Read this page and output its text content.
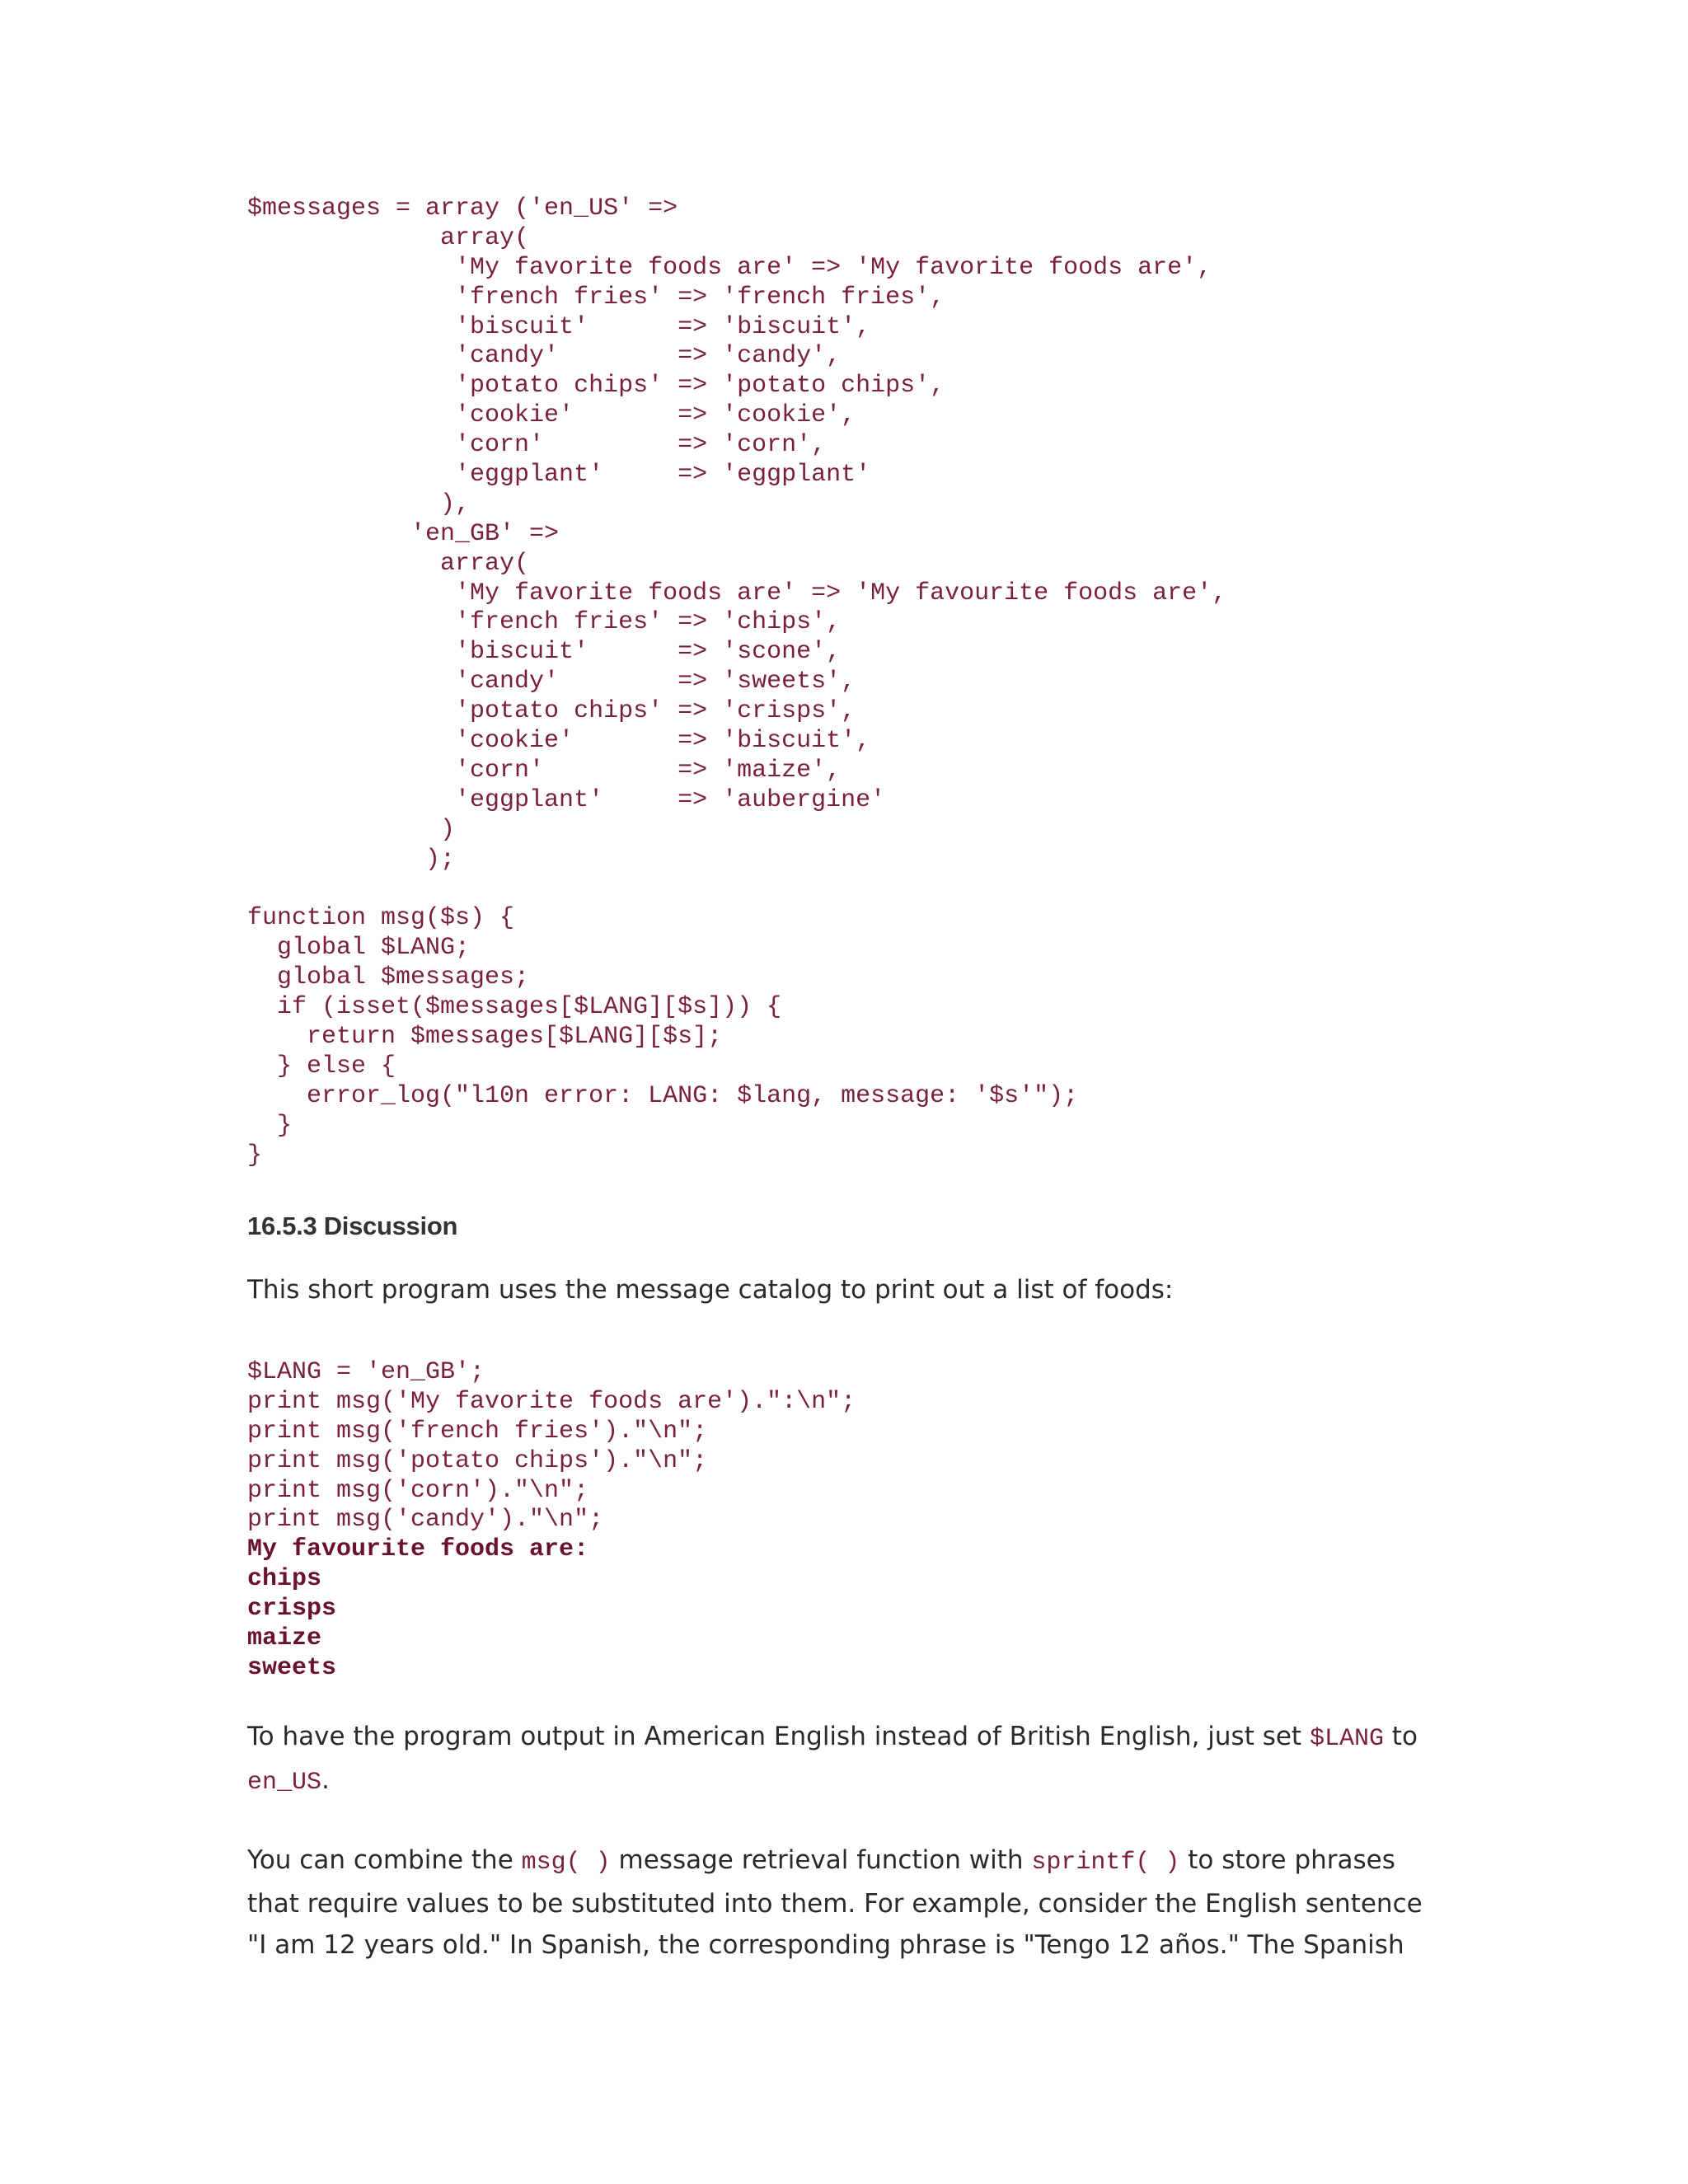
$messages = array ('en_US' =>
array(
'My favorite foods are' => 'My favorite foods are',
'french fries' => 'french fries',
'biscuit'      => 'biscuit',
'candy'        => 'candy',
'potato chips' => 'potato chips',
'cookie'       => 'cookie',
'corn'         => 'corn',
'eggplant'     => 'eggplant'
),
'en_GB' =>
array(
'My favorite foods are' => 'My favourite foods are',
'french fries' => 'chips',
'biscuit'      => 'scone',
'candy'        => 'sweets',
'potato chips' => 'crisps',
'cookie'       => 'biscuit',
'corn'         => 'maize',
'eggplant'     => 'aubergine'
)
);

function msg($s) {
global $LANG;
global $messages;
if (isset($messages[$LANG][$s])) {
return $messages[$LANG][$s];
} else {
error_log("l10n error: LANG: $lang, message: '$s'");
}
}
16.5.3 Discussion

This short program uses the message catalog to print out a list of foods:

$LANG = 'en_GB';
print msg('My favorite foods are').":\n";
print msg('french fries')."\n";
print msg('potato chips')."\n";
print msg('corn')."\n";
print msg('candy')."\n";
My favourite foods are:
chips
crisps
maize
sweets

To have the program output in American English instead of British English, just set $LANG to
en_US.

You can combine the msg( ) message retrieval function with sprintf( ) to store phrases that require values to be substituted into them. For example, consider the English sentence "I am 12 years old." In Spanish, the corresponding phrase is "Tengo 12 años." The Spanish
